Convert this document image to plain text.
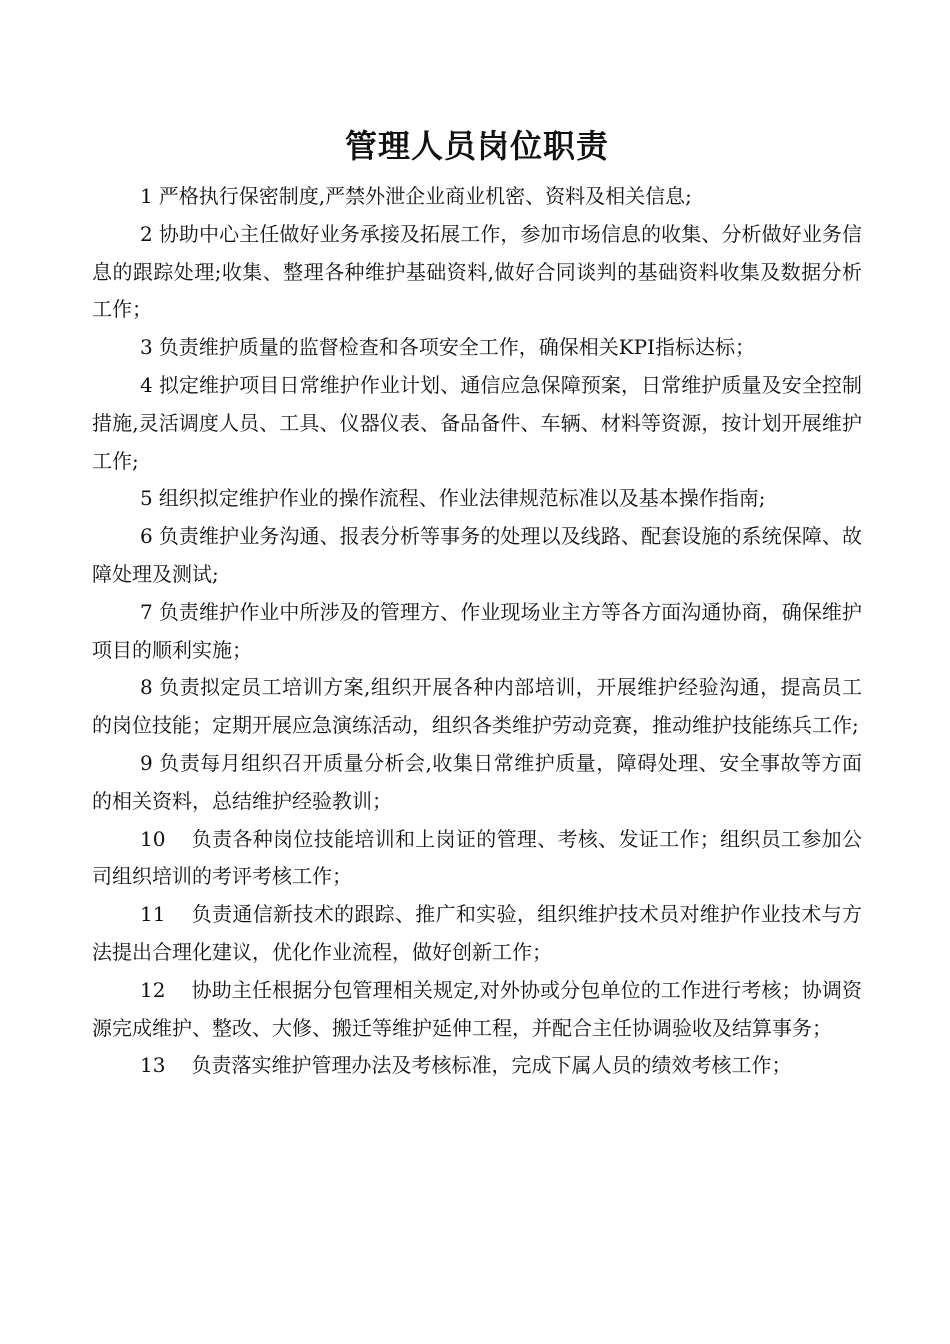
管理人员岗位职责

1 严格执行保密制度,严禁外泄企业商业机密、资料及相关信息;

2 协助中心主任做好业务承接及拓展工作，参加市场信息的收集、分析做好业务信息的跟踪处理;收集、整理各种维护基础资料,做好合同谈判的基础资料收集及数据分析工作；

3 负责维护质量的监督检查和各项安全工作，确保相关KPI指标达标；

4 拟定维护项目日常维护作业计划、通信应急保障预案，日常维护质量及安全控制措施,灵活调度人员、工具、仪器仪表、备品备件、车辆、材料等资源，按计划开展维护工作;

5 组织拟定维护作业的操作流程、作业法律规范标准以及基本操作指南;

6 负责维护业务沟通、报表分析等事务的处理以及线路、配套设施的系统保障、故障处理及测试;

7 负责维护作业中所涉及的管理方、作业现场业主方等各方面沟通协商，确保维护项目的顺利实施；

8 负责拟定员工培训方案,组织开展各种内部培训，开展维护经验沟通，提高员工的岗位技能；定期开展应急演练活动，组织各类维护劳动竞赛，推动维护技能练兵工作;

9 负责每月组织召开质量分析会,收集日常维护质量，障碍处理、安全事故等方面的相关资料，总结维护经验教训；

10 负责各种岗位技能培训和上岗证的管理、考核、发证工作；组织员工参加公司组织培训的考评考核工作；

11 负责通信新技术的跟踪、推广和实验，组织维护技术员对维护作业技术与方法提出合理化建议，优化作业流程，做好创新工作；

12 协助主任根据分包管理相关规定,对外协或分包单位的工作进行考核；协调资源完成维护、整改、大修、搬迁等维护延伸工程，并配合主任协调验收及结算事务；

13 负责落实维护管理办法及考核标准，完成下属人员的绩效考核工作；
